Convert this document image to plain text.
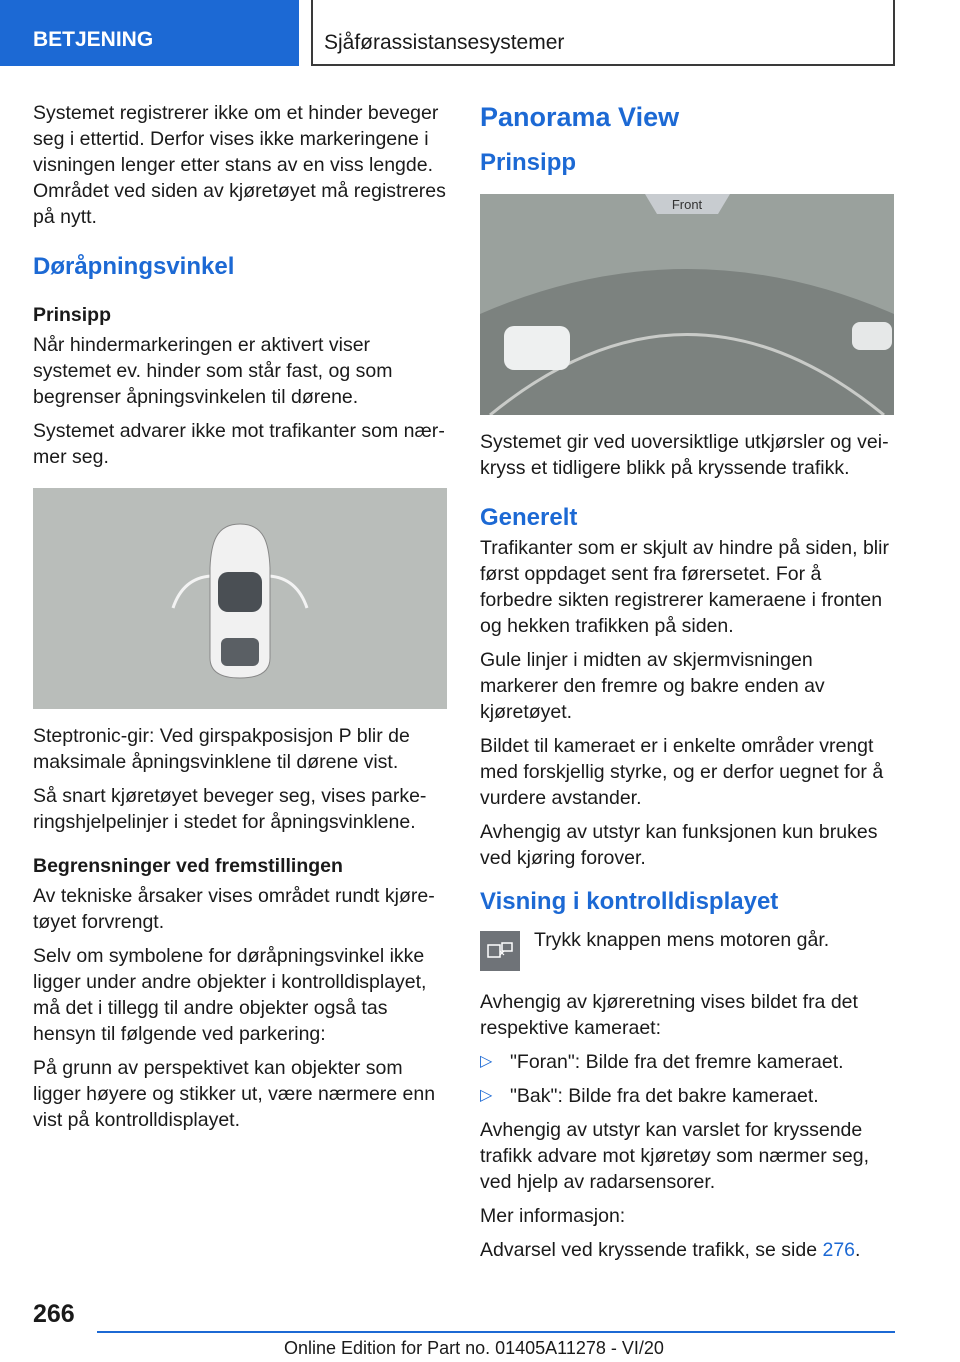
BETJENING	Sjåførassistansesystemer

Systemet registrerer ikke om et hinder beveger seg i ettertid. Derfor vises ikke markeringene i visningen lenger etter stans av en viss lengde. Området ved siden av kjøretøyet må registreres på nytt.

Døråpningsvinkel
Prinsipp

Når hindermarkeringen er aktivert viser systemet ev. hinder som står fast, og som begrenser åpningsvinkelen til dørene.

Systemet advarer ikke mot trafikanter som nærmer seg.

Steptronic-gir: Ved girspakposisjon P blir de maksimale åpningsvinklene til dørene vist.

Så snart kjøretøyet beveger seg, vises parkeringshjelpelinjer i stedet for åpningsvinklene.

Begrensninger ved fremstillingen

Av tekniske årsaker vises området rundt kjøretøyet forvrengt.

Selv om symbolene for døråpningsvinkel ikke ligger under andre objekter i kontrolldisplayet, må det i tillegg til andre objekter også tas hensyn til følgende ved parkering:

På grunn av perspektivet kan objekter som ligger høyere og stikker ut, være nærmere enn vist på kontrolldisplayet.

Panorama View
Prinsipp
Front

Systemet gir ved uoversiktlige utkjørsler og veikryss et tidligere blikk på kryssende trafikk.

Generelt

Trafikanter som er skjult av hindre på siden, blir først oppdaget sent fra førersetet. For å forbedre sikten registrerer kameraene i fronten og hekken trafikken på siden.

Gule linjer i midten av skjermvisningen markerer den fremre og bakre enden av kjøretøyet.

Bildet til kameraet er i enkelte områder vrengt med forskjellig styrke, og er derfor uegnet for å vurdere avstander.

Avhengig av utstyr kan funksjonen kun brukes ved kjøring forover.

Visning i kontrolldisplayet
Trykk knappen mens motoren går.

Avhengig av kjøreretning vises bildet fra det respektive kameraet:

▷ "Foran": Bilde fra det fremre kameraet.
▷ "Bak": Bilde fra det bakre kameraet.

Avhengig av utstyr kan varslet for kryssende trafikk advare mot kjøretøy som nærmer seg, ved hjelp av radarsensorer.

Mer informasjon:

Advarsel ved kryssende trafikk, se side 276.

266
Online Edition for Part no. 01405A11278 - VI/20
